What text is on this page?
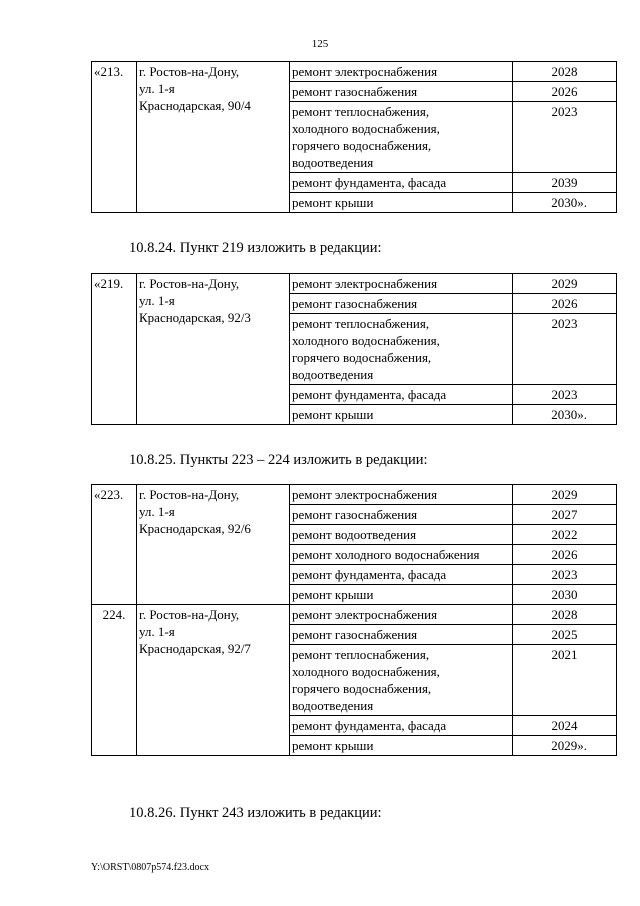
125
«213.	г. Ростов-на-Дону,
ул. 1-я
Краснодарская, 90/4	ремонт электроснабжения	2028

		ремонт газоснабжения	2026

		ремонт теплоснабжения,
холодного водоснабжения,
горячего водоснабжения,
водоотведения	2023

		ремонт фундамента, фасада	2039

		ремонт крыши	2030».
10.8.24. Пункт 219 изложить в редакции:
«219.	г. Ростов-на-Дону,
ул. 1-я
Краснодарская, 92/3	ремонт электроснабжения	2029

		ремонт газоснабжения	2026

		ремонт теплоснабжения,
холодного водоснабжения,
горячего водоснабжения,
водоотведения	2023

		ремонт фундамента, фасада	2023

		ремонт крыши	2030».
10.8.25. Пункты 223 – 224 изложить в редакции:
«223.	г. Ростов-на-Дону,
ул. 1-я
Краснодарская, 92/6	ремонт электроснабжения	2029

		ремонт газоснабжения	2027

		ремонт водоотведения	2022

		ремонт холодного водоснабжения	2026

		ремонт фундамента, фасада	2023

		ремонт крыши	2030
224.	г. Ростов-на-Дону,
ул. 1-я
Краснодарская, 92/7	ремонт электроснабжения	2028

		ремонт газоснабжения	2025

		ремонт теплоснабжения,
холодного водоснабжения,
горячего водоснабжения,
водоотведения	2021

		ремонт фундамента, фасада	2024

		ремонт крыши	2029».
10.8.26. Пункт 243 изложить в редакции:
Y:\ORST\0807p574.f23.docx
